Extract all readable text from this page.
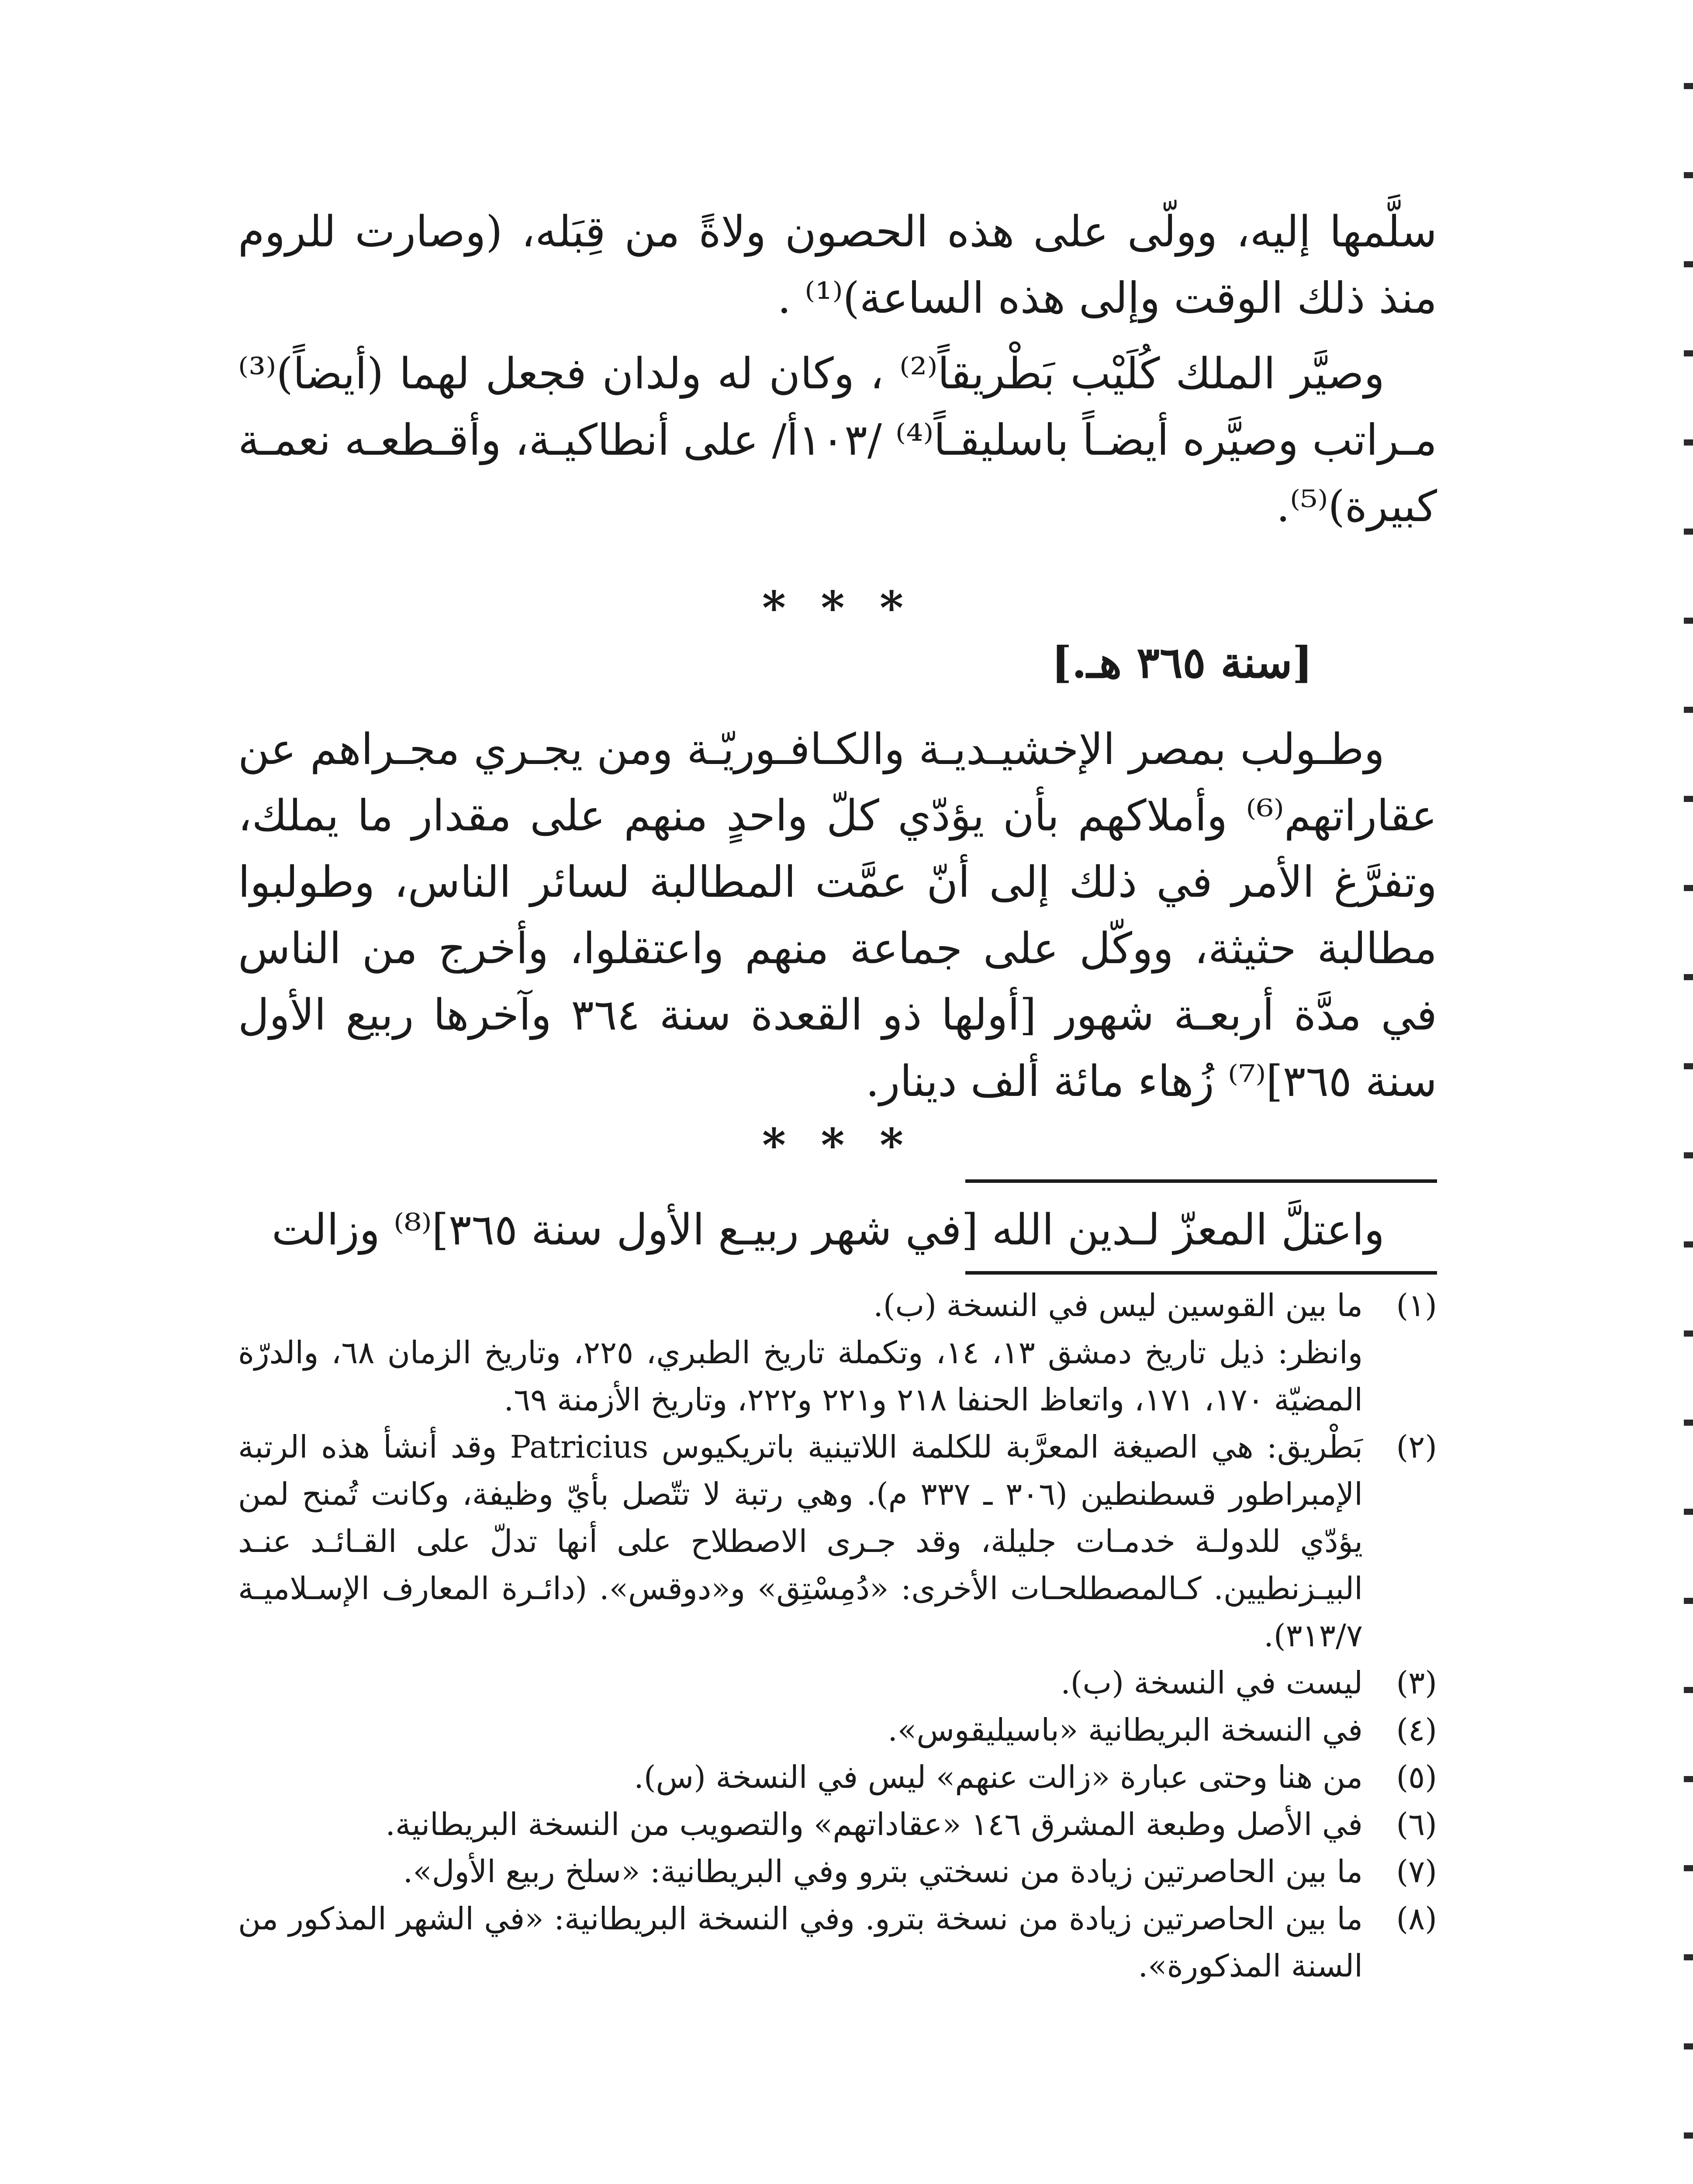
سلَّمها إليه، وولّى على هذه الحصون ولاةً من قِبَله، (وصارت للروم منذ ذلك الوقت وإلى هذه الساعة)⁽¹⁾ .
وصيَّر الملك كُلَيْب بَطْريقاً⁽²⁾ ، وكان له ولدان فجعل لهما (أيضاً)⁽³⁾ مـراتب وصيَّره أيضـاً باسليقـاً⁽⁴⁾ /١٠٣أ/ على أنطاكيـة، وأقـطعـه نعمـة كبيرة)⁽⁵⁾.
* * *
[سنة ٣٦٥ هـ.]
وطـولب بمصر الإخشيـديـة والكـافـوريّـة ومن يجـري مجـراهم عن عقاراتهم⁽⁶⁾ وأملاكهم بأن يؤدّي كلّ واحدٍ منهم على مقدار ما يملك، وتفرَّغ الأمر في ذلك إلى أنّ عمَّت المطالبة لسائر الناس، وطولبوا مطالبة حثيثة، ووكّل على جماعة منهم واعتقلوا، وأخرج من الناس في مدَّة أربعـة شهور [أولها ذو القعدة سنة ٣٦٤ وآخرها ربيع الأول سنة ٣٦٥]⁽⁷⁾ زُهاء مائة ألف دينار.
* * *
واعتلَّ المعزّ لـدين الله [في شهر ربيـع الأول سنة ٣٦٥]⁽⁸⁾ وزالت
(١)
ما بين القوسين ليس في النسخة (ب).
وانظر: ذيل تاريخ دمشق ١٣، ١٤، وتكملة تاريخ الطبري، ٢٢٥، وتاريخ الزمان ٦٨، والدرّة المضيّة ١٧٠، ١٧١، واتعاظ الحنفا ٢١٨ و٢٢١ و٢٢٢، وتاريخ الأزمنة ٦٩.
(٢)
بَطْريق: هي الصيغة المعرَّبة للكلمة اللاتينية باتريكيوس Patricius وقد أنشأ هذه الرتبة الإمبراطور قسطنطين (٣٠٦ ـ ٣٣٧ م). وهي رتبة لا تتّصل بأيّ وظيفة، وكانت تُمنح لمن يؤدّي للدولـة خدمـات جليلة، وقد جـرى الاصطلاح على أنها تدلّ على القـائـد عنـد البيـزنطيين. كـالمصطلحـات الأخرى: «دُمِسْتِق» و«دوقس». (دائـرة المعارف الإسـلاميـة ٣١٣/٧).
(٣)
ليست في النسخة (ب).
(٤)
في النسخة البريطانية «باسيليقوس».
(٥)
من هنا وحتى عبارة «زالت عنهم» ليس في النسخة (س).
(٦)
في الأصل وطبعة المشرق ١٤٦ «عقاداتهم» والتصويب من النسخة البريطانية.
(٧)
ما بين الحاصرتين زيادة من نسختي بترو وفي البريطانية: «سلخ ربيع الأول».
(٨)
ما بين الحاصرتين زيادة من نسخة بترو. وفي النسخة البريطانية: «في الشهر المذكور من السنة المذكورة».
